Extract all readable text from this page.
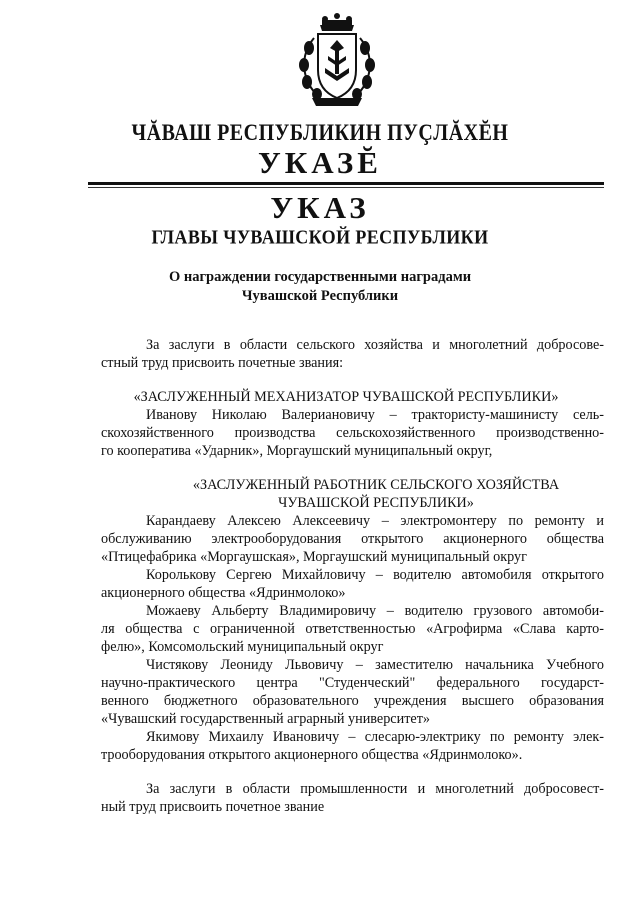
ЧĂВАШ РЕСПУБЛИКИН ПУÇЛĂХĔН
УКАЗĔ
УКАЗ
ГЛАВЫ ЧУВАШСКОЙ РЕСПУБЛИКИ
О награждении государственными наградами
Чувашской Республики
За заслуги в области сельского хозяйства и многолетний добросове-
стный труд присвоить почетные звания:
«ЗАСЛУЖЕННЫЙ МЕХАНИЗАТОР ЧУВАШСКОЙ РЕСПУБЛИКИ»
Иванову Николаю Валериановичу – трактористу-машинисту сель-
скохозяйственного производства сельскохозяйственного производственно-
го кооператива «Ударник», Моргаушский муниципальный округ,
«ЗАСЛУЖЕННЫЙ РАБОТНИК СЕЛЬСКОГО ХОЗЯЙСТВА
ЧУВАШСКОЙ РЕСПУБЛИКИ»
Карандаеву Алексею Алексеевичу – электромонтеру по ремонту и
обслуживанию электрооборудования открытого акционерного общества
«Птицефабрика «Моргаушская», Моргаушский муниципальный округ
Королькову Сергею Михайловичу – водителю автомобиля открытого
акционерного общества «Ядринмолоко»
Можаеву Альберту Владимировичу – водителю грузового автомоби-
ля общества с ограниченной ответственностью «Агрофирма «Слава карто-
фелю», Комсомольский муниципальный округ
Чистякову Леониду Львовичу – заместителю начальника Учебного
научно-практического центра "Студенческий" федерального государст-
венного бюджетного образовательного учреждения высшего образования
«Чувашский государственный аграрный университет»
Якимову Михаилу Ивановичу – слесарю-электрику по ремонту элек-
трооборудования открытого акционерного общества «Ядринмолоко».
За заслуги в области промышленности и многолетний добросовест-
ный труд присвоить почетное звание
